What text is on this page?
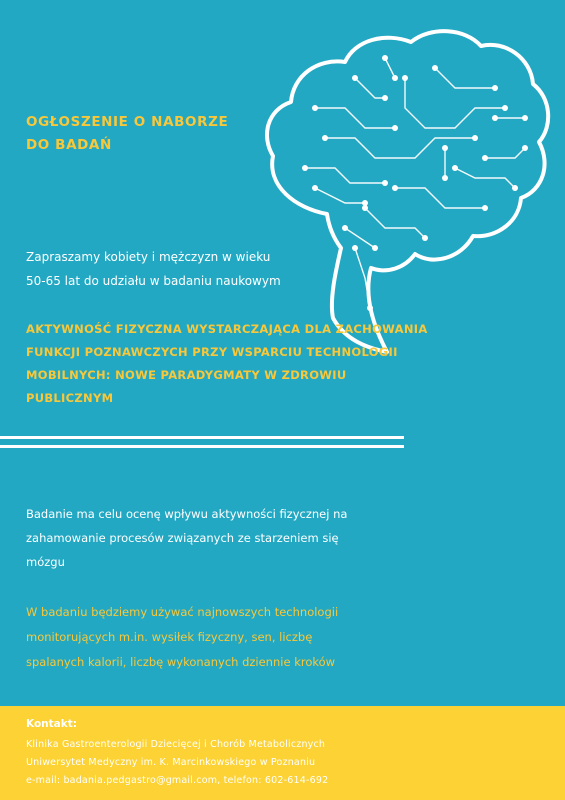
OGŁOSZENIE O NABORZE
DO BADAŃ
Zapraszamy kobiety i mężczyzn w wieku
50-65 lat do udziału w badaniu naukowym
AKTYWNOŚĆ FIZYCZNA WYSTARCZAJĄCA DLA ZACHOWANIA
FUNKCJI POZNAWCZYCH PRZY WSPARCIU TECHNOLOGII
MOBILNYCH: NOWE PARADYGMATY W ZDROWIU
PUBLICZNYM
Badanie ma celu ocenę wpływu aktywności fizycznej na
zahamowanie procesów związanych ze starzeniem się
mózgu
W badaniu będziemy używać najnowszych technologii
monitorujących m.in. wysiłek fizyczny, sen, liczbę
spalanych kalorii, liczbę wykonanych dziennie kroków

Kontakt:

Klinika Gastroenterologii Dziecięcej i Chorób Metabolicznych

Uniwersytet Medyczny im. K. Marcinkowskiego w Poznaniu

e-mail: badania.pedgastro@gmail.com, telefon: 602-614-692
